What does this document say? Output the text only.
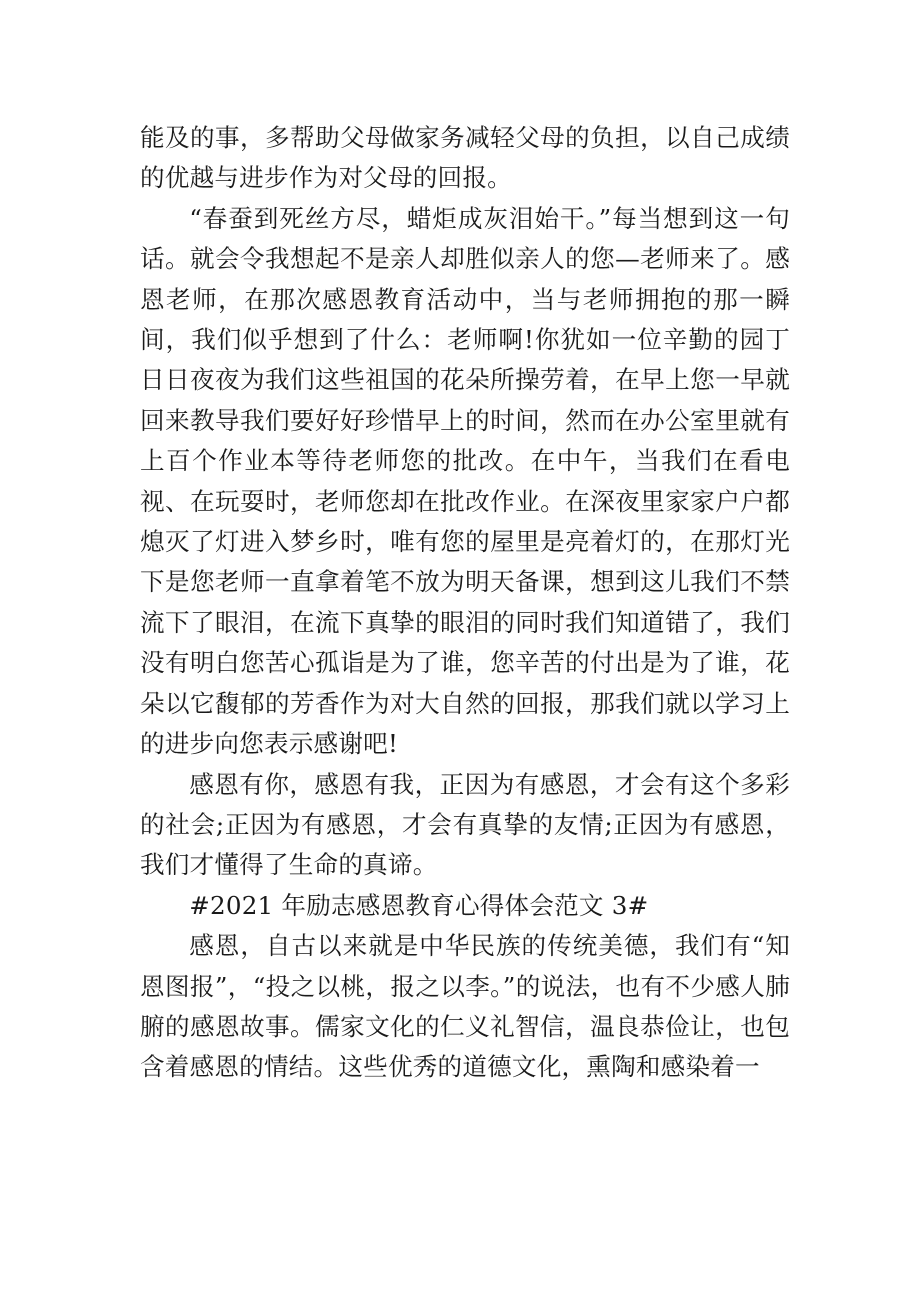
能及的事，多帮助父母做家务减轻父母的负担，以自己成绩的优越与进步作为对父母的回报。

“春蚕到死丝方尽，蜡炬成灰泪始干。”每当想到这一句话。就会令我想起不是亲人却胜似亲人的您—老师来了。感恩老师，在那次感恩教育活动中，当与老师拥抱的那一瞬间，我们似乎想到了什么：老师啊!你犹如一位辛勤的园丁日日夜夜为我们这些祖国的花朵所操劳着，在早上您一早就回来教导我们要好好珍惜早上的时间，然而在办公室里就有上百个作业本等待老师您的批改。在中午，当我们在看电视、在玩耍时，老师您却在批改作业。在深夜里家家户户都熄灭了灯进入梦乡时，唯有您的屋里是亮着灯的，在那灯光下是您老师一直拿着笔不放为明天备课，想到这儿我们不禁流下了眼泪，在流下真挚的眼泪的同时我们知道错了，我们没有明白您苦心孤诣是为了谁，您辛苦的付出是为了谁，花朵以它馥郁的芳香作为对大自然的回报，那我们就以学习上的进步向您表示感谢吧!

感恩有你，感恩有我，正因为有感恩，才会有这个多彩的社会;正因为有感恩，才会有真挚的友情;正因为有感恩，我们才懂得了生命的真谛。

#2021 年励志感恩教育心得体会范文 3#

感恩，自古以来就是中华民族的传统美德，我们有“知恩图报”，“投之以桃，报之以李。”的说法，也有不少感人肺腑的感恩故事。儒家文化的仁义礼智信，温良恭俭让，也包含着感恩的情结。这些优秀的道德文化，熏陶和感染着一
